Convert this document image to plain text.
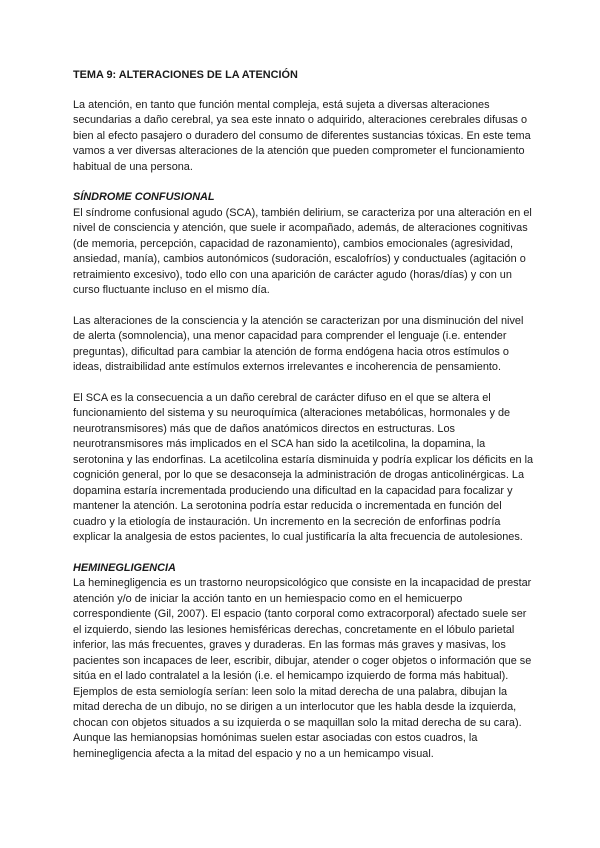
TEMA 9: ALTERACIONES DE LA ATENCIÓN

La atención, en tanto que función mental compleja, está sujeta a diversas alteraciones secundarias a daño cerebral, ya sea este innato o adquirido, alteraciones cerebrales difusas o bien al efecto pasajero o duradero del consumo de diferentes sustancias tóxicas. En este tema vamos a ver diversas alteraciones de la atención que pueden comprometer el funcionamiento habitual de una persona.

SÍNDROME CONFUSIONAL

El síndrome confusional agudo (SCA), también delirium, se caracteriza por una alteración en el nivel de consciencia y atención, que suele ir acompañado, además, de alteraciones cognitivas (de memoria, percepción, capacidad de razonamiento), cambios emocionales (agresividad, ansiedad, manía), cambios autonómicos (sudoración, escalofríos) y conductuales (agitación o retraimiento excesivo), todo ello con una aparición de carácter agudo (horas/días) y con un curso fluctuante incluso en el mismo día.

Las alteraciones de la consciencia y la atención se caracterizan por una disminución del nivel de alerta (somnolencia), una menor capacidad para comprender el lenguaje (i.e. entender preguntas), dificultad para cambiar la atención de forma endógena hacia otros estímulos o ideas, distraibilidad ante estímulos externos irrelevantes e incoherencia de pensamiento.

El SCA es la consecuencia a un daño cerebral de carácter difuso en el que se altera el funcionamiento del sistema y su neuroquímica (alteraciones metabólicas, hormonales y de neurotransmisores) más que de daños anatómicos directos en estructuras. Los neurotransmisores más implicados en el SCA han sido la acetilcolina, la dopamina, la serotonina y las endorfinas. La acetilcolina estaría disminuida y podría explicar los déficits en la cognición general, por lo que se desaconseja la administración de drogas anticolinérgicas. La dopamina estaría incrementada produciendo una dificultad en la capacidad para focalizar y mantener la atención. La serotonina podría estar reducida o incrementada en función del cuadro y la etiología de instauración. Un incremento en la secreción de enforfinas podría explicar la analgesia de estos pacientes, lo cual justificaría la alta frecuencia de autolesiones.

HEMINEGLIGENCIA

La heminegligencia es un trastorno neuropsicológico que consiste en la incapacidad de prestar atención y/o de iniciar la acción tanto en un hemiespacio como en el hemicuerpo correspondiente (Gil, 2007). El espacio (tanto corporal como extracorporal) afectado suele ser el izquierdo, siendo las lesiones hemisféricas derechas, concretamente en el lóbulo parietal inferior, las más frecuentes, graves y duraderas. En las formas más graves y masivas, los pacientes son incapaces de leer, escribir, dibujar, atender o coger objetos o información que se sitúa en el lado contralatel a la lesión (i.e. el hemicampo izquierdo de forma más habitual). Ejemplos de esta semiología serían: leen solo la mitad derecha de una palabra, dibujan la mitad derecha de un dibujo, no se dirigen a un interlocutor que les habla desde la izquierda, chocan con objetos situados a su izquierda o se maquillan solo la mitad derecha de su cara). Aunque las hemianopsias homónimas suelen estar asociadas con estos cuadros, la heminegligencia afecta a la mitad del espacio y no a un hemicampo visual.
